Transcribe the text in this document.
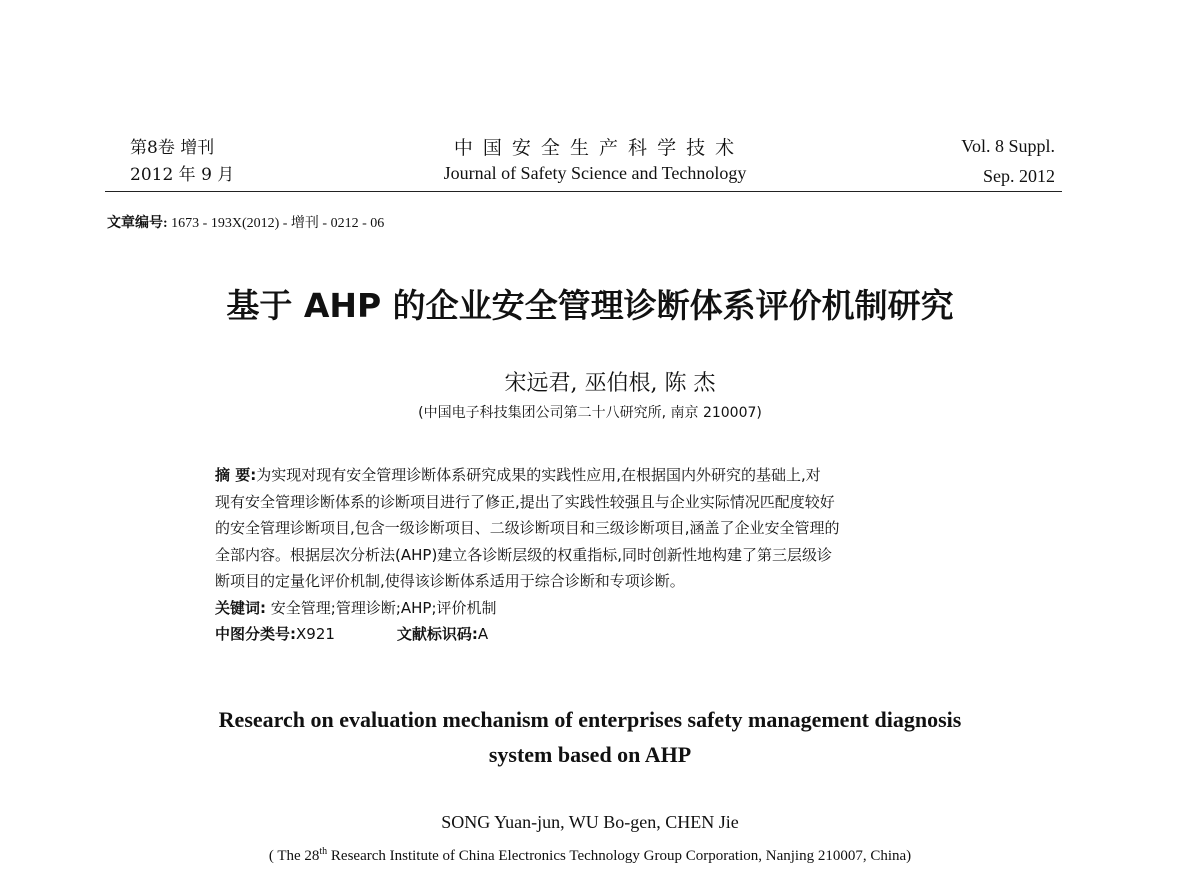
第8卷 增刊
2012 年 9 月
中 国 安 全 生 产 科 学 技 术
Journal of Safety Science and Technology
Vol. 8 Suppl.
Sep. 2012
文章编号: 1673 - 193X(2012) - 增刊 - 0212 - 06
基于 AHP 的企业安全管理诊断体系评价机制研究
宋远君, 巫伯根, 陈 杰
(中国电子科技集团公司第二十八研究所, 南京 210007)
摘 要:为实现对现有安全管理诊断体系研究成果的实践性应用,在根据国内外研究的基础上,对
现有安全管理诊断体系的诊断项目进行了修正,提出了实践性较强且与企业实际情况匹配度较好
的安全管理诊断项目,包含一级诊断项目、二级诊断项目和三级诊断项目,涵盖了企业安全管理的
全部内容。根据层次分析法(AHP)建立各诊断层级的权重指标,同时创新性地构建了第三层级诊
断项目的定量化评价机制,使得该诊断体系适用于综合诊断和专项诊断。
关键词: 安全管理;管理诊断;AHP;评价机制
中图分类号:X921	文献标识码:A
Research on evaluation mechanism of enterprises safety management diagnosis
system based on AHP
SONG Yuan-jun, WU Bo-gen, CHEN Jie
( The 28th Research Institute of China Electronics Technology Group Corporation, Nanjing 210007, China)
